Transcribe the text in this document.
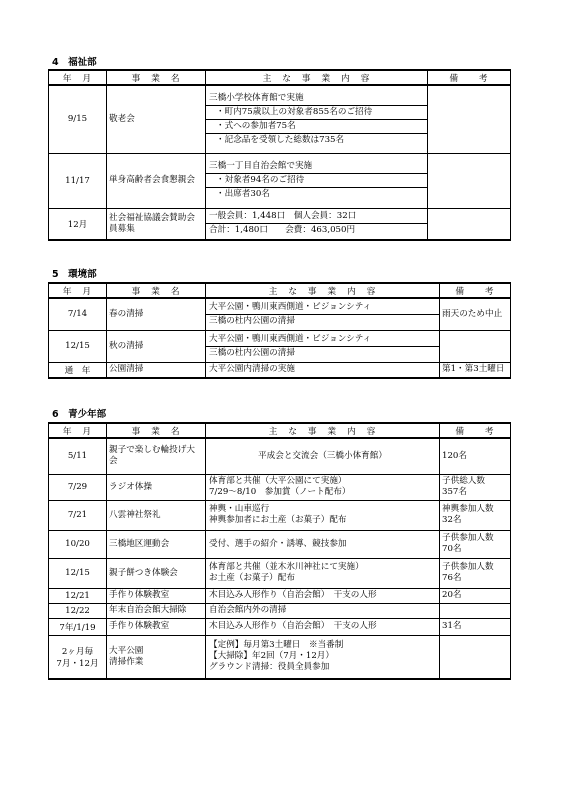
4　福祉部
年　月	事　業　名	主　な　事　業　内　容	備　　考
9/15	敬老会	三橋小学校体育館で実施
・町内75歳以上の対象者855名のご招待
・式への参加者75名
・記念品を受領した総数は735名	

11/17	単身高齢者会食懇親会	三橋一丁目自治会館で実施
・対象者94名のご招待
・出席者30名	

12月	社会福祉協議会賛助会員募集	一般会員：1,448口　個人会員：32口
合計：1,480口　　会費：463,050円	

5　環境部
年　月	事　業　名	主　な　事　業　内　容	備　　考
7/14	春の清掃	大平公園・鴨川東西側道・ビジョンシティ
三橋の杜内公園の清掃	雨天のため中止
12/15	秋の清掃	大平公園・鴨川東西側道・ビジョンシティ
三橋の杜内公園の清掃	

通　年	公園清掃	大平公園内清掃の実施	第1・第3土曜日
6　青少年部
年　月	事　業　名	主　な　事　業　内　容	備　　考
5/11	親子で楽しむ輪投げ大会	平成会と交流会（三橋小体育館）	120名
7/29	ラジオ体操	体育部と共催（大平公園にて実施）
7/29～8/10　参加賞（ノート配布）	子供総人数
357名
7/21	八雲神社祭礼	神輿・山車巡行
神輿参加者にお土産（お菓子）配布	神輿参加人数
32名
10/20	三橋地区運動会	受付、選手の紹介・誘導、競技参加	子供参加人数
70名
12/15	親子餅つき体験会	体育部と共催（並木氷川神社にて実施）
お土産（お菓子）配布	子供参加人数
76名
12/21	手作り体験教室	木目込み人形作り（自治会館）　干支の人形	20名
12/22	年末自治会館大掃除	自治会館内外の清掃	

7年/1/19	手作り体験教室	木目込み人形作り（自治会館）　干支の人形	31名
2ヶ月毎
7月・12月	大平公園
清掃作業	【定例】毎月第3土曜日　※当番制
【大掃除】年2回（7月・12月）
グラウンド清掃：役員全員参加	
